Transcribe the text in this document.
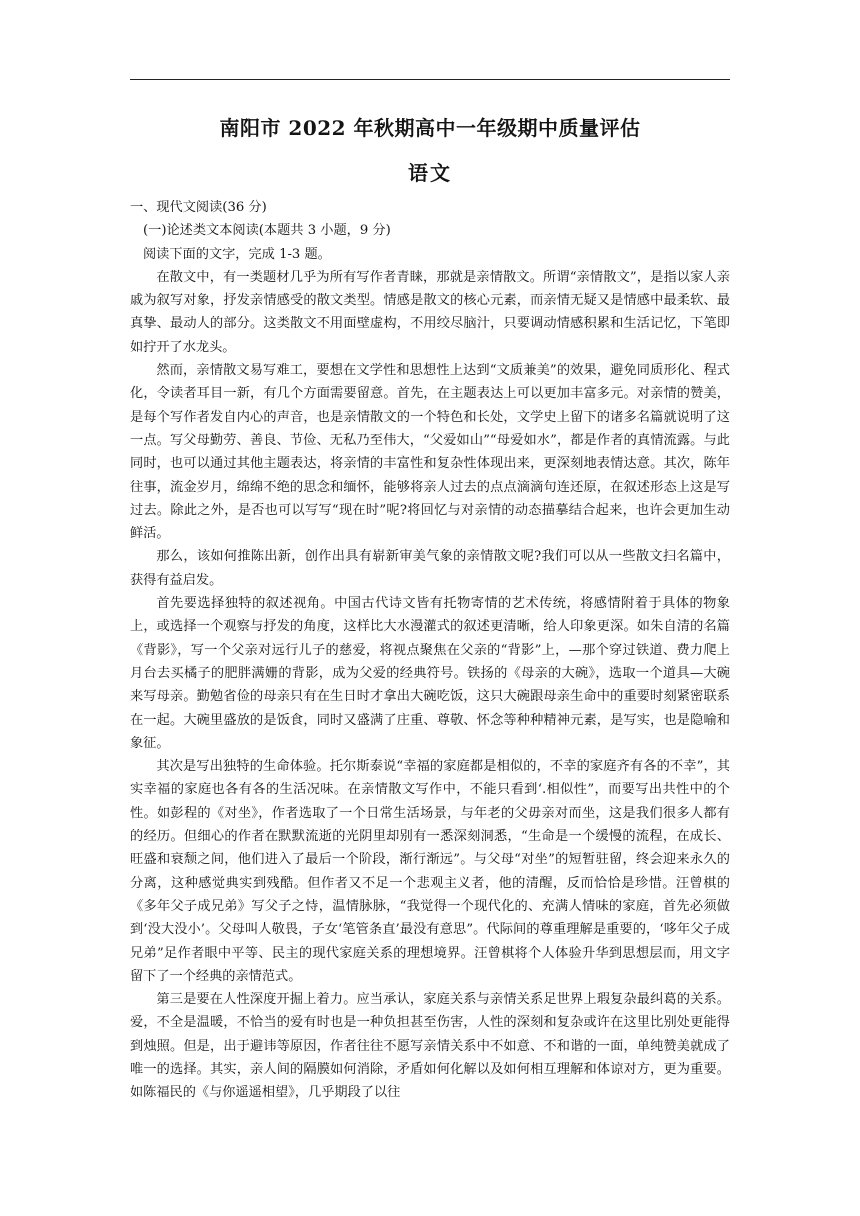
南阳市 2022 年秋期高中一年级期中质量评估
语文

一、现代文阅读(36 分)

(一)论述类文本阅读(本题共 3 小题，9 分)

阅读下面的文字，完成 1-3 题。

在散文中，有一类题材几乎为所有写作者青睐，那就是亲情散文。所谓“亲情散文”，是指以家人亲戚为叙写对象，抒发亲情感受的散文类型。情感是散文的核心元素，而亲情无疑又是情感中最柔软、最真挚、最动人的部分。这类散文不用面壁虚构，不用绞尽脑汁，只要调动情感积累和生活记忆，下笔即如拧开了水龙头。

然而，亲情散文易写难工，要想在文学性和思想性上达到“文质兼美”的效果，避免同质形化、程式化，令读者耳目一新，有几个方面需要留意。首先，在主题表达上可以更加丰富多元。对亲情的赞美，是每个写作者发自内心的声音，也是亲情散文的一个特色和长处，文学史上留下的诸多名篇就说明了这一点。写父母勤劳、善良、节俭、无私乃至伟大，“父爱如山”“母爱如水”，都是作者的真情流露。与此同时，也可以通过其他主题表达，将亲情的丰富性和复杂性体现出来，更深刻地表情达意。其次，陈年往事，流金岁月，绵绵不绝的思念和缅怀，能够将亲人过去的点点滴滴句连还原，在叙述形态上这是写过去。除此之外，是否也可以写写“现在时”呢?将回忆与对亲情的动态描摹结合起来，也许会更加生动鲜活。

那么，该如何推陈出新，创作出具有崭新审美气象的亲情散文呢?我们可以从一些散文扫名篇中，获得有益启发。

首先要选择独特的叙述视角。中国古代诗文皆有托物寄情的艺术传统，将感情附着于具体的物象上，或选择一个观察与抒发的角度，这样比大水漫灌式的叙述更清晰，给人印象更深。如朱自清的名篇《背影》，写一个父亲对远行儿子的慈爱，将视点聚焦在父亲的“背影”上，—那个穿过铁道、费力爬上月台去买橘子的肥胖满姗的背影，成为父爱的经典符号。铁扬的《母亲的大碗》，选取一个道具—大碗来写母亲。勤勉省俭的母亲只有在生日时才拿出大碗吃饭，这只大碗跟母亲生命中的重要时刻紧密联系在一起。大碗里盛放的是饭食，同时又盛满了庄重、尊敬、怀念等种种精神元素，是写实，也是隐喻和象征。

其次是写出独特的生命体验。托尔斯泰说“幸福的家庭都是相似的，不幸的家庭齐有各的不幸”，其实幸福的家庭也各有各的生活况味。在亲情散文写作中，不能只看到‘.相似性”，而要写出共性中的个性。如彭程的《对坐》，作者选取了一个日常生活场景，与年老的父毋亲对而坐，这是我们很多人都有的经历。但细心的作者在默默流逝的光阴里却别有一悉深刻洞悉，“生命是一个缓慢的流程，在成长、旺盛和衰颓之间，他们进入了最后一个阶段，渐行渐远”。与父母“对坐”的短暂驻留，终会迎来永久的分离，这种感觉典实到残酷。但作者又不足一个悲观主义者，他的清醒，反而恰恰是珍惜。汪曾棋的《多年父子成兄弟》写父子之恃，温情脉脉，“我觉得一个现代化的、充满人情味的家庭，首先必须做到‘没大没小’。父母叫人敬畏，子女‘笔管条直’最没有意思”。代际间的尊重理解是重要的，‘哆年父子成兄弟”足作者眼中平等、民主的现代家庭关系的理想境界。汪曾棋将个人体验升华到思想层而，用文字留下了一个经典的亲情范式。

第三是要在人性深度开掘上着力。应当承认，家庭关系与亲情关系足世界上瑕复杂最纠葛的关系。爱，不全是温暖，不恰当的爱有时也是一种负担甚至伤害，人性的深刻和复杂或许在这里比别处更能得到烛照。但是，出于避讳等原因，作者往往不愿写亲情关系中不如意、不和谐的一面，单纯赞美就成了唯一的选择。其实，亲人间的隔膜如何消除，矛盾如何化解以及如何相互理解和体谅对方，更为重要。如陈福民的《与你遥遥相望》，几乎期段了以往
